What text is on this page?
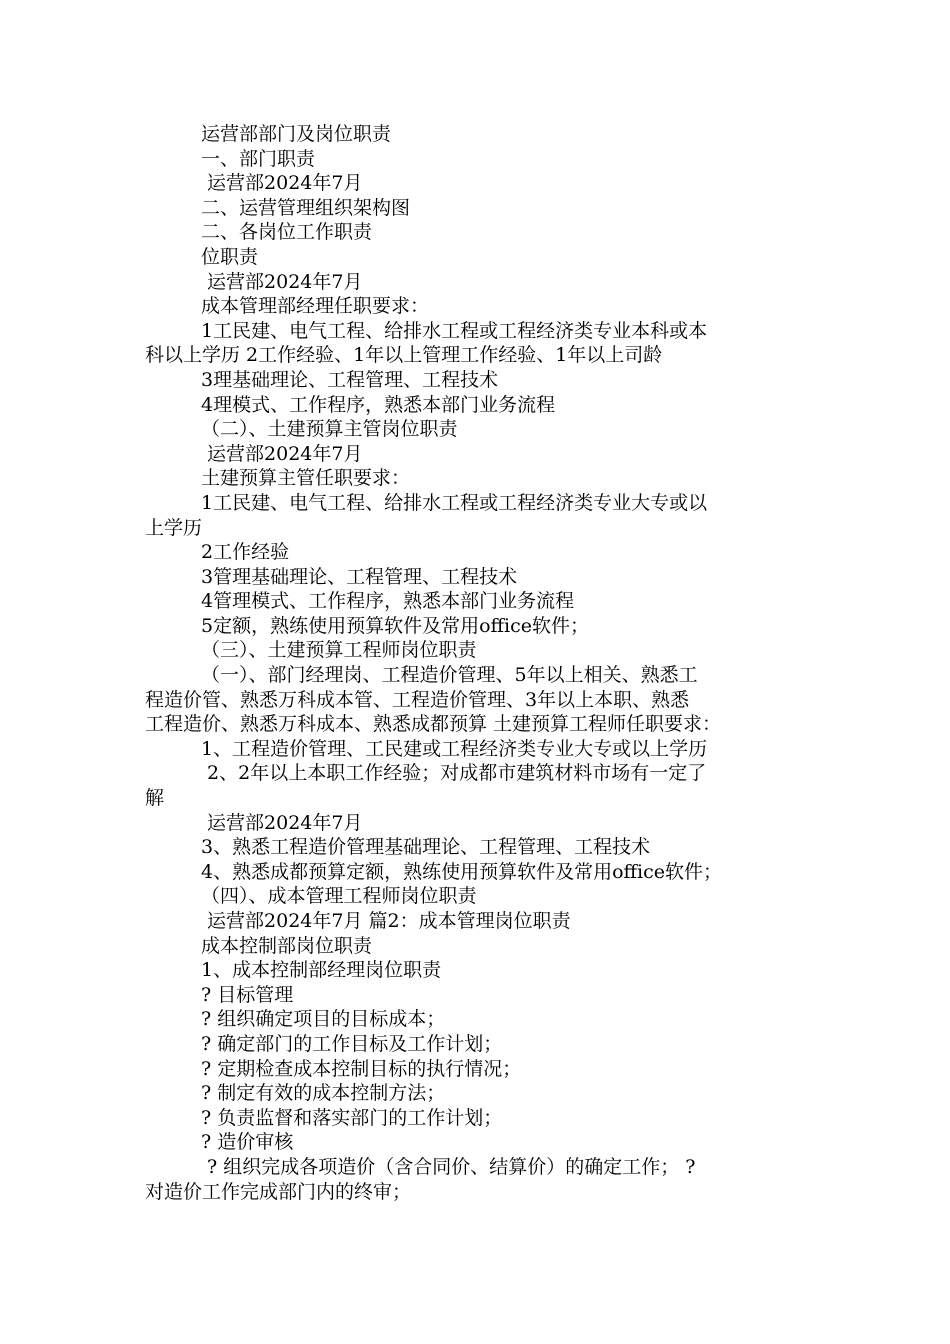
运营部部门及岗位职责
一、部门职责
运营部2024年7月
二、运营管理组织架构图
二、各岗位工作职责
位职责
运营部2024年7月
成本管理部经理任职要求：
1工民建、电气工程、给排水工程或工程经济类专业本科或本
科以上学历 2工作经验、1年以上管理工作经验、1年以上司龄
3理基础理论、工程管理、工程技术
4理模式、工作程序，熟悉本部门业务流程
（二）、土建预算主管岗位职责
运营部2024年7月
土建预算主管任职要求：
1工民建、电气工程、给排水工程或工程经济类专业大专或以
上学历
2工作经验
3管理基础理论、工程管理、工程技术
4管理模式、工作程序，熟悉本部门业务流程
5定额，熟练使用预算软件及常用office软件；
（三）、土建预算工程师岗位职责
（一）、部门经理岗、工程造价管理、5年以上相关、熟悉工
程造价管、熟悉万科成本管、工程造价管理、3年以上本职、熟悉
工程造价、熟悉万科成本、熟悉成都预算 土建预算工程师任职要求：
1、工程造价管理、工民建或工程经济类专业大专或以上学历
2、2年以上本职工作经验；对成都市建筑材料市场有一定了
解
运营部2024年7月
3、熟悉工程造价管理基础理论、工程管理、工程技术
4、熟悉成都预算定额，熟练使用预算软件及常用office软件；
（四）、成本管理工程师岗位职责
运营部2024年7月 篇2：成本管理岗位职责
成本控制部岗位职责
1、成本控制部经理岗位职责
? 目标管理
? 组织确定项目的目标成本；
? 确定部门的工作目标及工作计划；
? 定期检查成本控制目标的执行情况；
? 制定有效的成本控制方法；
? 负责监督和落实部门的工作计划；
? 造价审核
? 组织完成各项造价（含合同价、结算价）的确定工作； ?
对造价工作完成部门内的终审；
